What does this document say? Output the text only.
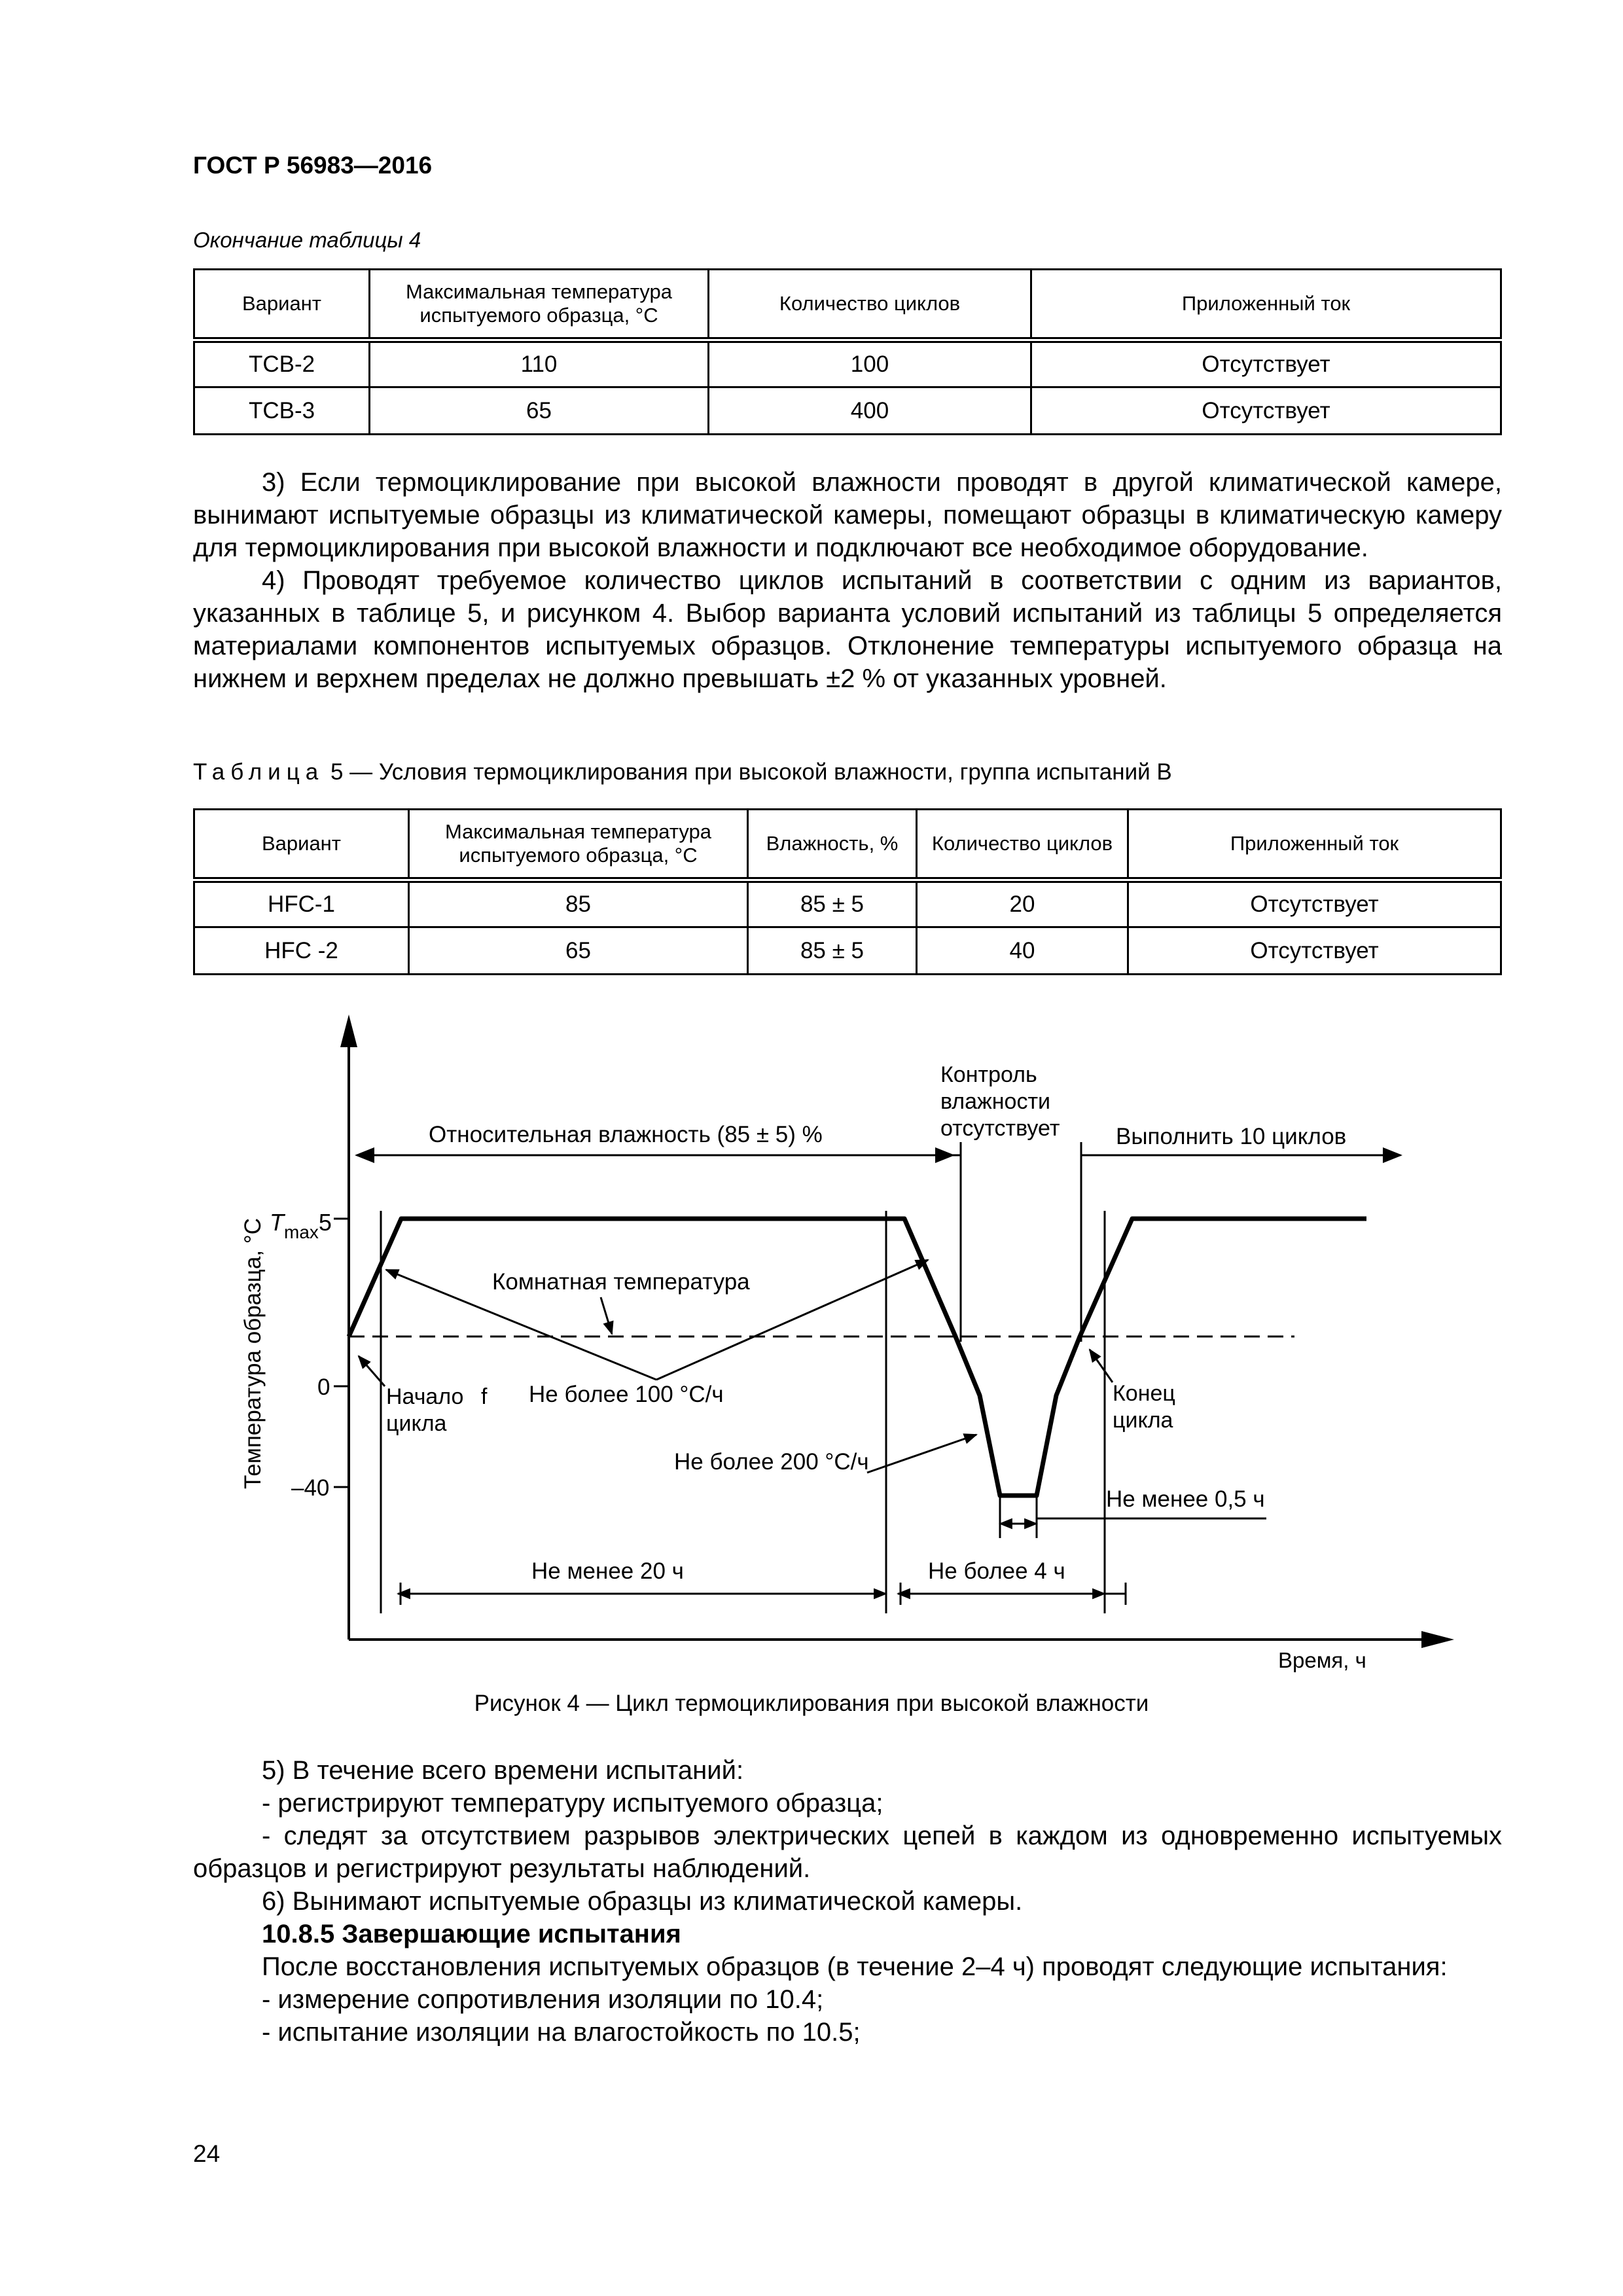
ГОСТ Р 56983—2016
Окончание таблицы 4
Вариант	Максимальная температура испытуемого образца, °С	Количество циклов	Приложенный ток
TCB-2	110	100	Отсутствует
TCB-3	65	400	Отсутствует

3) Если термоциклирование при высокой влажности проводят в другой климатической камере, вынимают испытуемые образцы из климатической камеры, помещают образцы в климатическую камеру для термоциклирования при высокой влажности и подключают все необходимое оборудование.

4) Проводят требуемое количество циклов испытаний в соответствии с одним из вариантов, указанных в таблице 5, и рисунком 4. Выбор варианта условий испытаний из таблицы 5 определяется материалами компонентов испытуемых образцов. Отклонение температуры испытуемого образца на нижнем и верхнем пределах не должно превышать ±2 % от указанных уровней.

Таблица 5 — Условия термоциклирования при высокой влажности, группа испытаний В
Вариант	Максимальная температура испытуемого образца, °С	Влажность, %	Количество циклов	Приложенный ток
HFC-1	85	85 ± 5	20	Отсутствует
HFC -2	65	85 ± 5	40	Отсутствует
Температура образца, °С $T_{max}5$
0
–40
Относительная влажность (85 ± 5) %
Контроль
влажности
отсутствует Выполнить 10 циклов
Комнатная температура
Не более 100 °С/ч
Начало f
цикла
Не более 200 °С/ч
Конец
цикла
Не менее 0,5 ч
Не менее 20 ч	Не более 4 ч
Время, ч
Рисунок 4 — Цикл термоциклирования при высокой влажности

5) В течение всего времени испытаний:

- регистрируют температуру испытуемого образца;

- следят за отсутствием разрывов электрических цепей в каждом из одновременно испытуемых образцов и регистрируют результаты наблюдений.

6) Вынимают испытуемые образцы из климатической камеры.

10.8.5 Завершающие испытания

После восстановления испытуемых образцов (в течение 2–4 ч) проводят следующие испытания:

- измерение сопротивления изоляции по 10.4;

- испытание изоляции на влагостойкость по 10.5;

24
